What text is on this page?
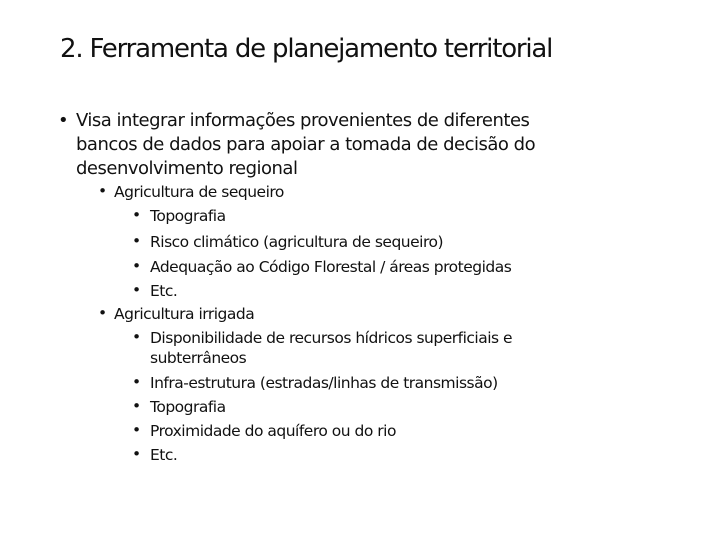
2. Ferramenta de planejamento territorial
• Visa integrar informações provenientes de diferentes
bancos de dados para apoiar a tomada de decisão do
desenvolvimento regional
• Agricultura de sequeiro
• Topografia
• Risco climático (agricultura de sequeiro)
• Adequação ao Código Florestal / áreas protegidas
• Etc.
• Agricultura irrigada
• Disponibilidade de recursos hídricos superficiais e
subterrâneos
• Infra-estrutura (estradas/linhas de transmissão)
• Topografia
• Proximidade do aquífero ou do rio
• Etc.
